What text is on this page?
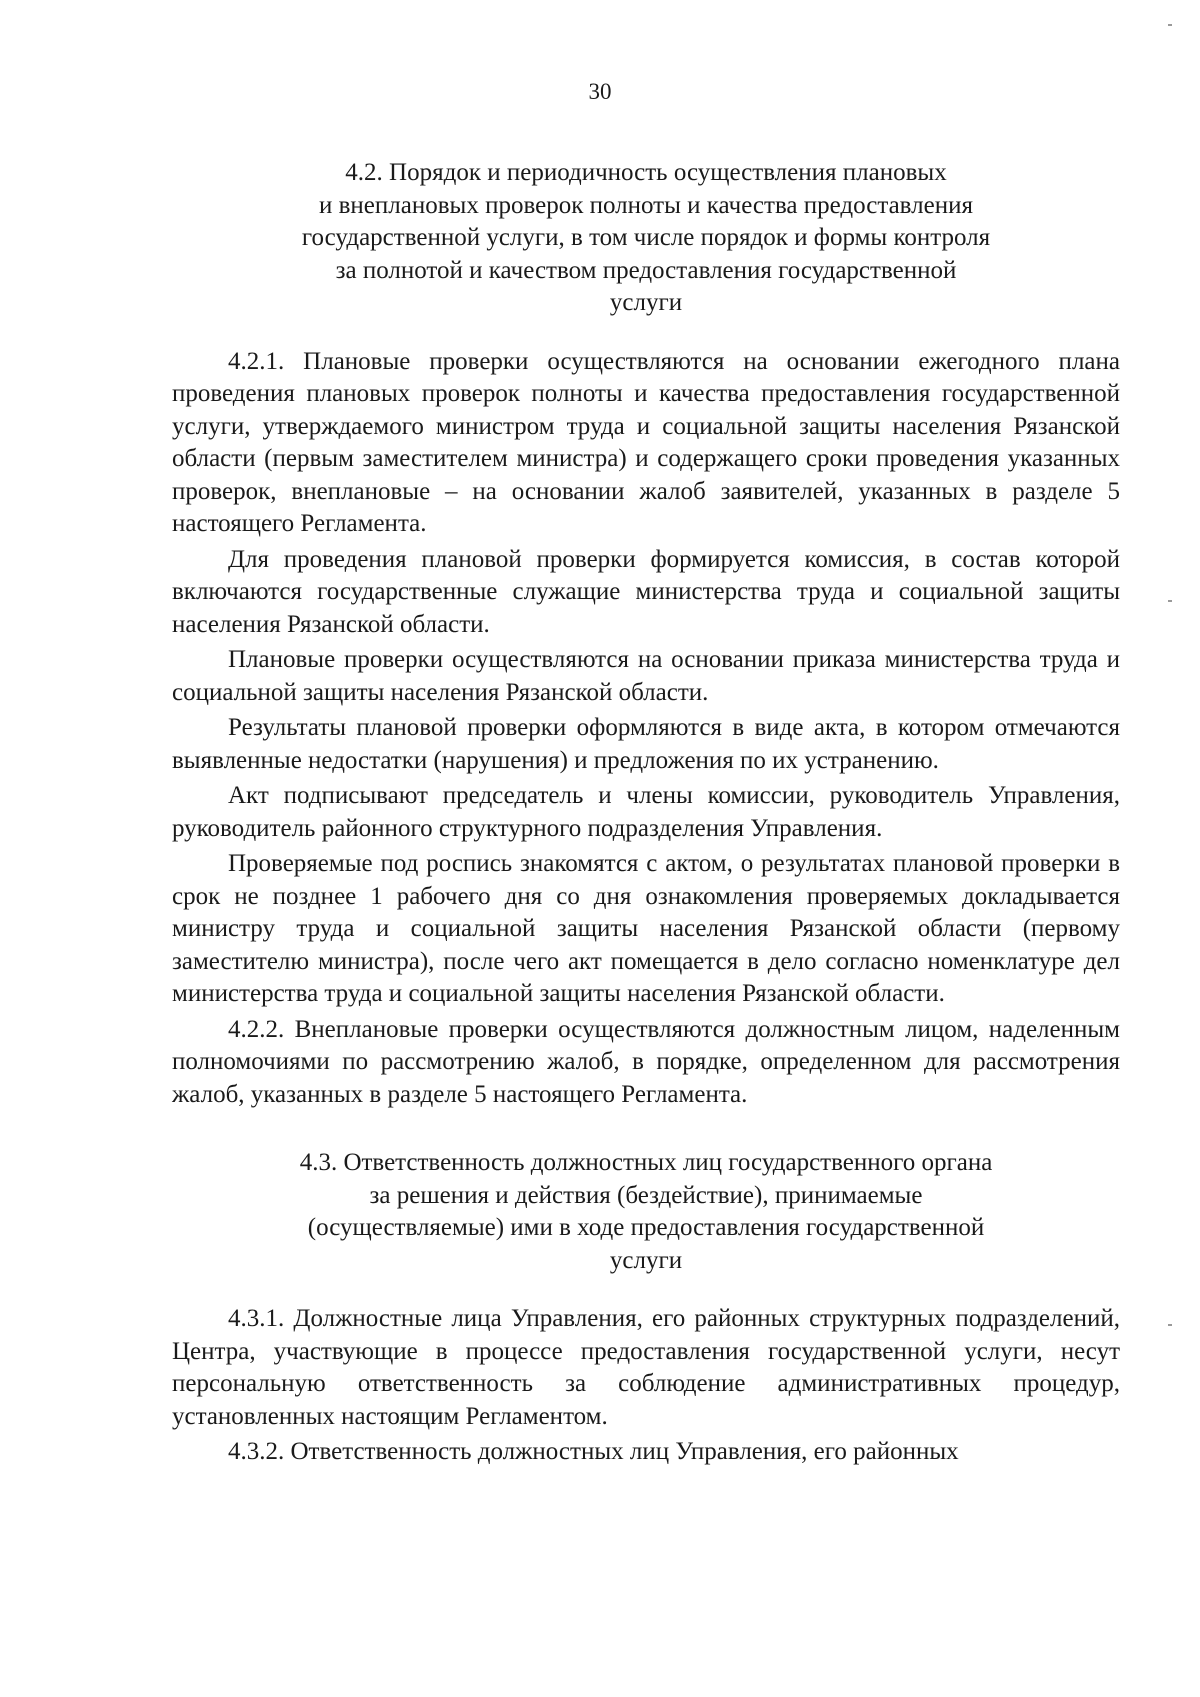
30
4.2. Порядок и периодичность осуществления плановых
и внеплановых проверок полноты и качества предоставления
государственной услуги, в том числе порядок и формы контроля
за полнотой и качеством предоставления государственной
услуги

4.2.1. Плановые проверки осуществляются на основании ежегодного плана проведения плановых проверок полноты и качества предоставления государственной услуги, утверждаемого министром труда и социальной защиты населения Рязанской области (первым заместителем министра) и содержащего сроки проведения указанных проверок, внеплановые – на основании жалоб заявителей, указанных в разделе 5 настоящего Регламента.

Для проведения плановой проверки формируется комиссия, в состав которой включаются государственные служащие министерства труда и социальной защиты населения Рязанской области.

Плановые проверки осуществляются на основании приказа министерства труда и социальной защиты населения Рязанской области.

Результаты плановой проверки оформляются в виде акта, в котором отмечаются выявленные недостатки (нарушения) и предложения по их устранению.

Акт подписывают председатель и члены комиссии, руководитель Управления, руководитель районного структурного подразделения Управления.

Проверяемые под роспись знакомятся с актом, о результатах плановой проверки в срок не позднее 1 рабочего дня со дня ознакомления проверяемых докладывается министру труда и социальной защиты населения Рязанской области (первому заместителю министра), после чего акт помещается в дело согласно номенклатуре дел министерства труда и социальной защиты населения Рязанской области.

4.2.2. Внеплановые проверки осуществляются должностным лицом, наделенным полномочиями по рассмотрению жалоб, в порядке, определенном для рассмотрения жалоб, указанных в разделе 5 настоящего Регламента.

4.3. Ответственность должностных лиц государственного органа
за решения и действия (бездействие), принимаемые
(осуществляемые) ими в ходе предоставления государственной
услуги

4.3.1. Должностные лица Управления, его районных структурных подразделений, Центра, участвующие в процессе предоставления государственной услуги, несут персональную ответственность за соблюдение административных процедур, установленных настоящим Регламентом.

4.3.2. Ответственность должностных лиц Управления, его районных
